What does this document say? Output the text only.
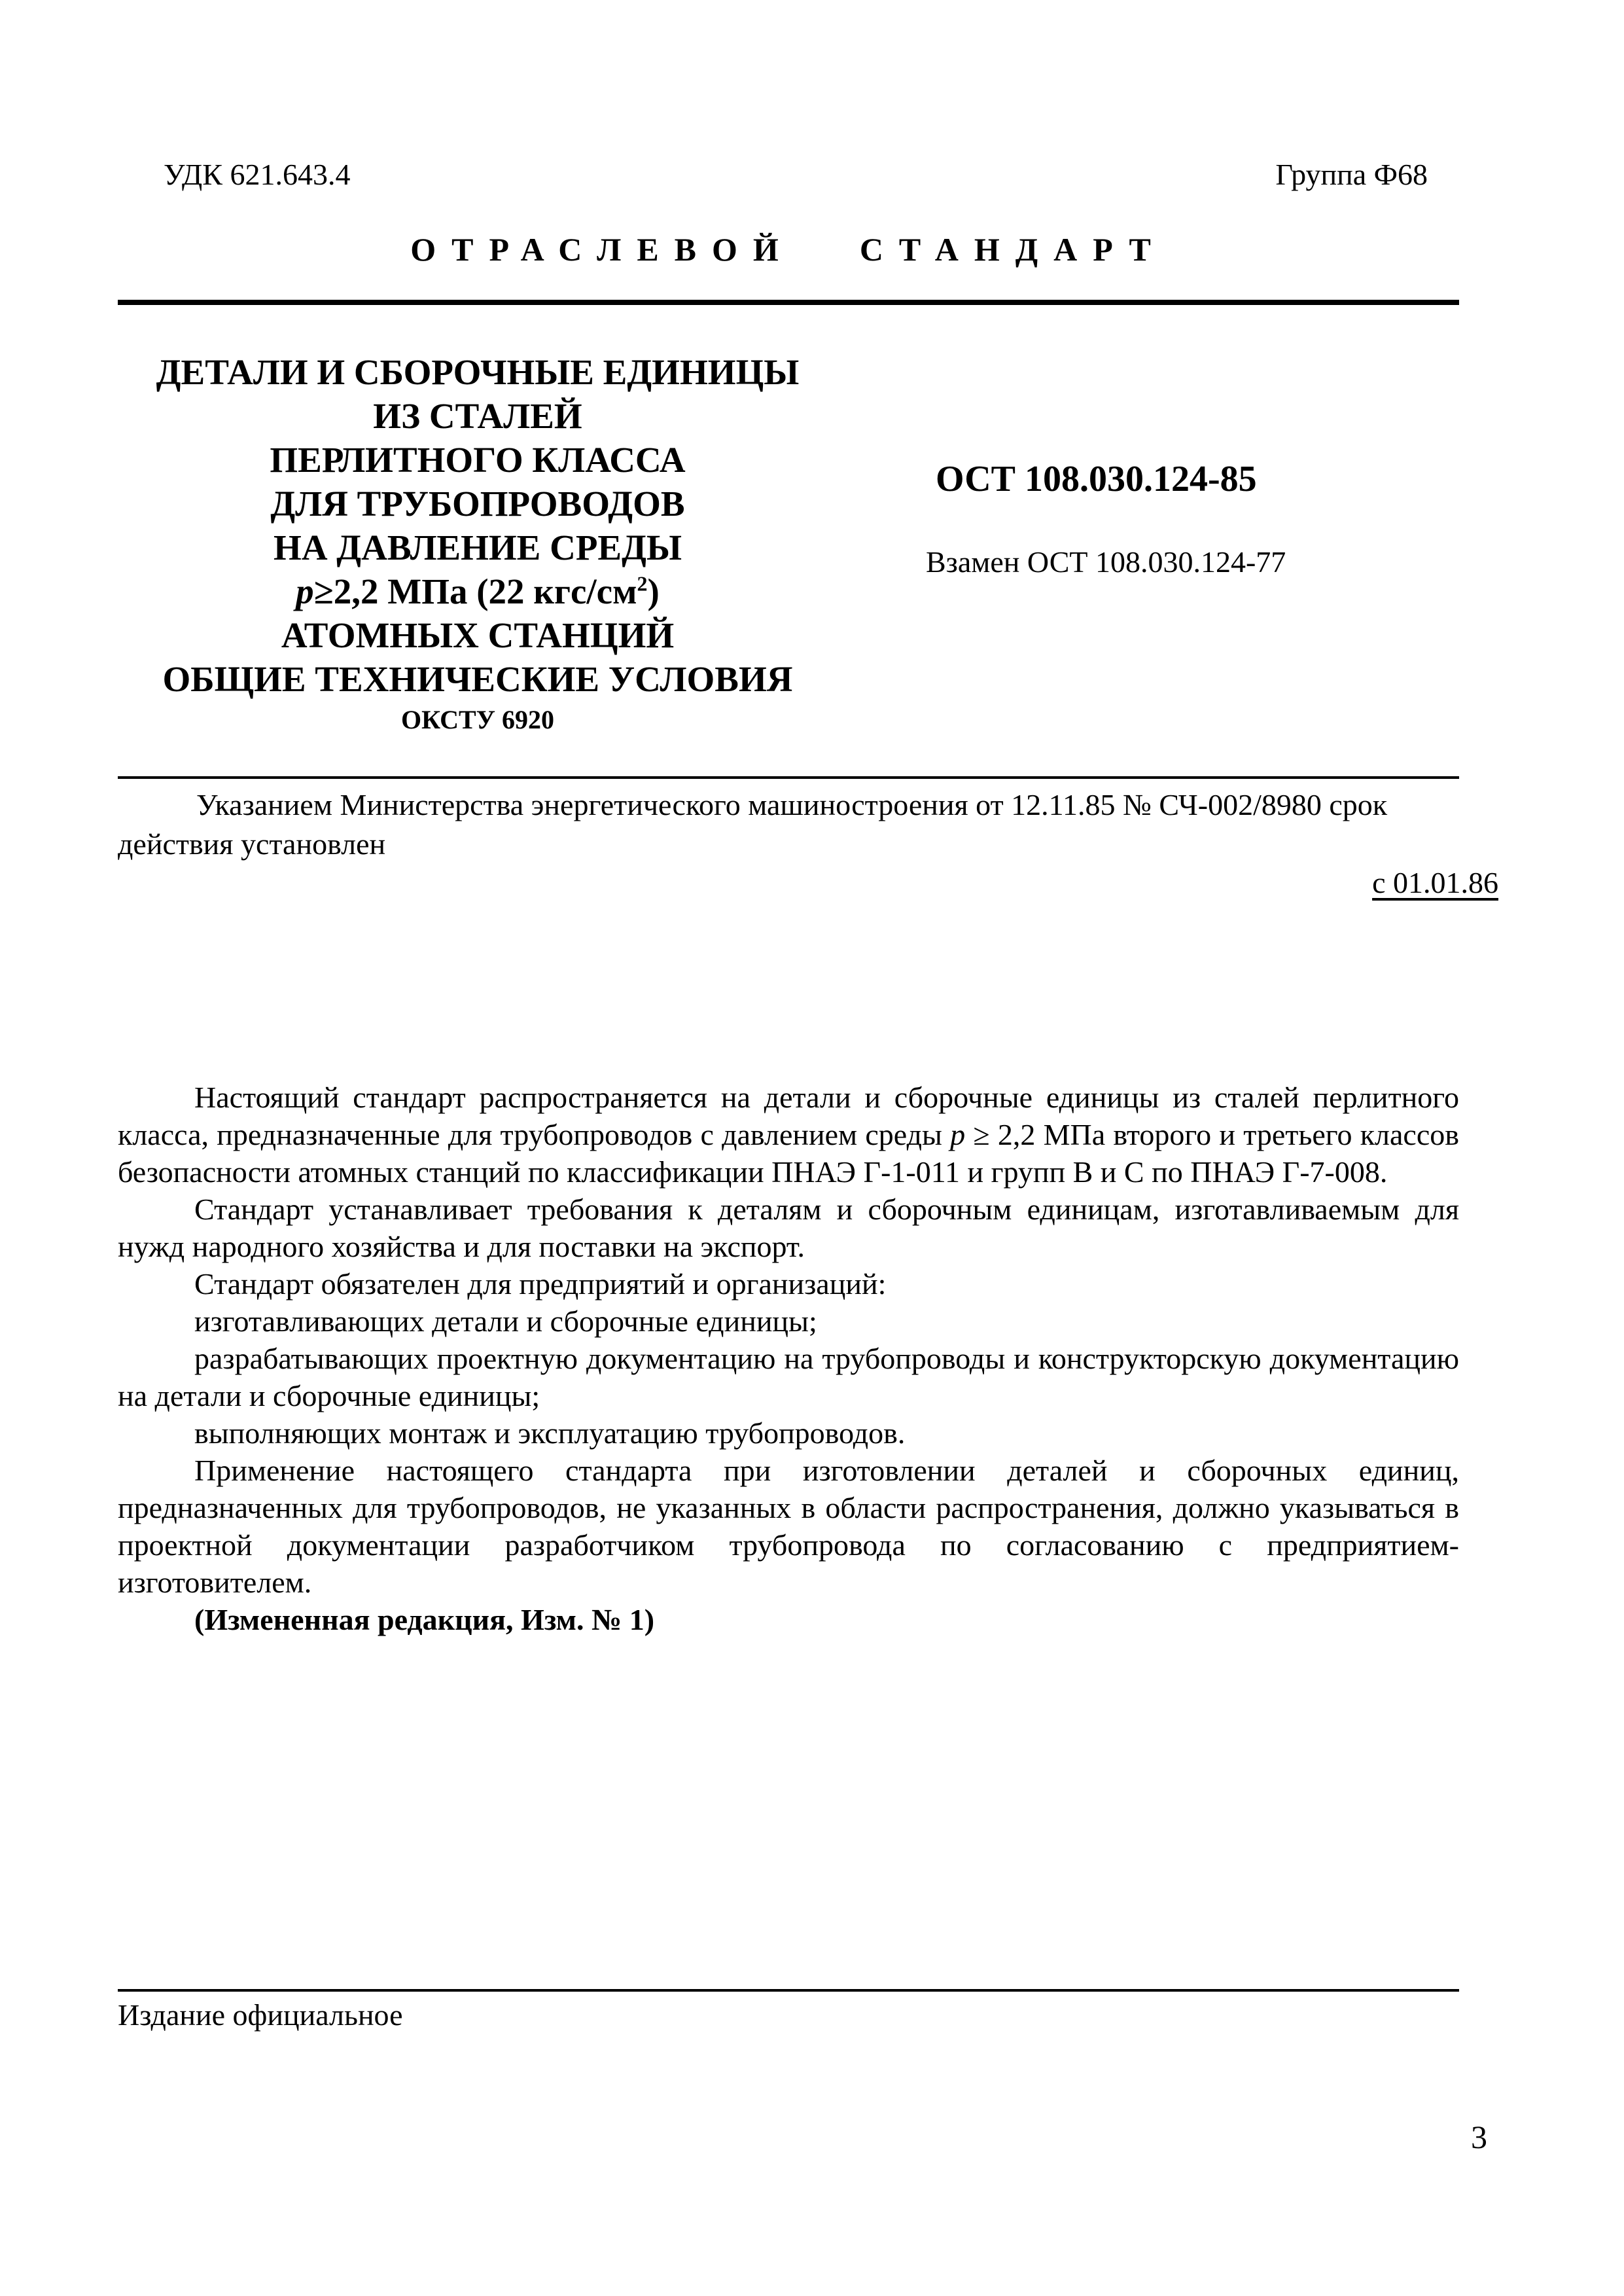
УДК 621.643.4	Группа Ф68
ОТРАСЛЕВОЙ СТАНДАРТ
ДЕТАЛИ И СБОРОЧНЫЕ ЕДИНИЦЫ
ИЗ СТАЛЕЙ
ПЕРЛИТНОГО КЛАССА
ДЛЯ ТРУБОПРОВОДОВ
НА ДАВЛЕНИЕ СРЕДЫ
p≥2,2 МПа (22 кгс/$см^2$)
АТОМНЫХ СТАНЦИЙ
ОБЩИЕ ТЕХНИЧЕСКИЕ УСЛОВИЯ
ОКСТУ 6920
ОСТ 108.030.124-85
Взамен ОСТ 108.030.124-77
Указанием Министерства энергетического машиностроения от 12.11.85 № СЧ-002/8980 срок действия установлен
с 01.01.86

Настоящий стандарт распространяется на детали и сборочные единицы из сталей перлитного класса, предназначенные для трубопроводов с давлением среды p ≥ 2,2 МПа второго и третьего классов безопасности атомных станций по классификации ПНАЭ Г-1-011 и групп В и С по ПНАЭ Г-7-008.

Стандарт устанавливает требования к деталям и сборочным единицам, изготавливаемым для нужд народного хозяйства и для поставки на экспорт.

Стандарт обязателен для предприятий и организаций:

изготавливающих детали и сборочные единицы;

разрабатывающих проектную документацию на трубопроводы и конструкторскую документацию на детали и сборочные единицы;

выполняющих монтаж и эксплуатацию трубопроводов.

Применение настоящего стандарта при изготовлении деталей и сборочных единиц, предназначенных для трубопроводов, не указанных в области распространения, должно указываться в проектной документации разработчиком трубопровода по согласованию с предприятием-изготовителем.

(Измененная редакция, Изм. № 1)

Издание официальное
3
